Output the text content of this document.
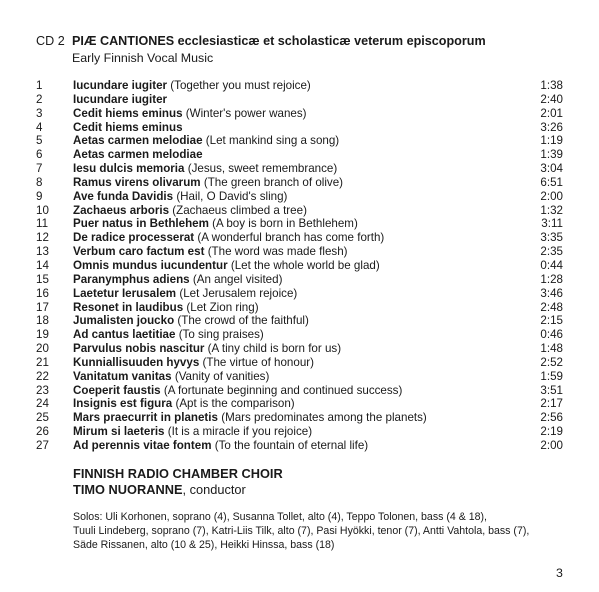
CD 2 PIÆ CANTIONES ecclesiasticæ et scholasticæ veterum episcoporum
Early Finnish Vocal Music
1	Iucundare iugiter (Together you must rejoice)	1:38
2	Iucundare iugiter	2:40
3	Cedit hiems eminus (Winter's power wanes)	2:01
4	Cedit hiems eminus	3:26
5	Aetas carmen melodiae (Let mankind sing a song)	1:19
6	Aetas carmen melodiae	1:39
7	Iesu dulcis memoria (Jesus, sweet remembrance)	3:04
8	Ramus virens olivarum (The green branch of olive)	6:51
9	Ave funda Davidis (Hail, O David's sling)	2:00
10	Zachaeus arboris (Zachaeus climbed a tree)	1:32
11	Puer natus in Bethlehem (A boy is born in Bethlehem)	3:11
12	De radice processerat (A wonderful branch has come forth)	3:35
13	Verbum caro factum est (The word was made flesh)	2:35
14	Omnis mundus iucundentur (Let the whole world be glad)	0:44
15	Paranymphus adiens (An angel visited)	1:28
16	Laetetur Ierusalem (Let Jerusalem rejoice)	3:46
17	Resonet in laudibus (Let Zion ring)	2:48
18	Jumalisten joucko (The crowd of the faithful)	2:15
19	Ad cantus laetitiae (To sing praises)	0:46
20	Parvulus nobis nascitur (A tiny child is born for us)	1:48
21	Kunniallisuuden hyvys (The virtue of honour)	2:52
22	Vanitatum vanitas (Vanity of vanities)	1:59
23	Coeperit faustis (A fortunate beginning and continued success)	3:51
24	Insignis est figura (Apt is the comparison)	2:17
25	Mars praecurrit in planetis (Mars predominates among the planets)	2:56
26	Mirum si laeteris (It is a miracle if you rejoice)	2:19
27	Ad perennis vitae fontem (To the fountain of eternal life)	2:00
FINNISH RADIO CHAMBER CHOIR
TIMO NUORANNE, conductor
Solos: Uli Korhonen, soprano (4), Susanna Tollet, alto (4), Teppo Tolonen, bass (4 & 18),
Tuuli Lindeberg, soprano (7), Katri-Liis Tilk, alto (7), Pasi Hyökki, tenor (7), Antti Vahtola, bass (7),
Säde Rissanen, alto (10 & 25), Heikki Hinssa, bass (18)
3
